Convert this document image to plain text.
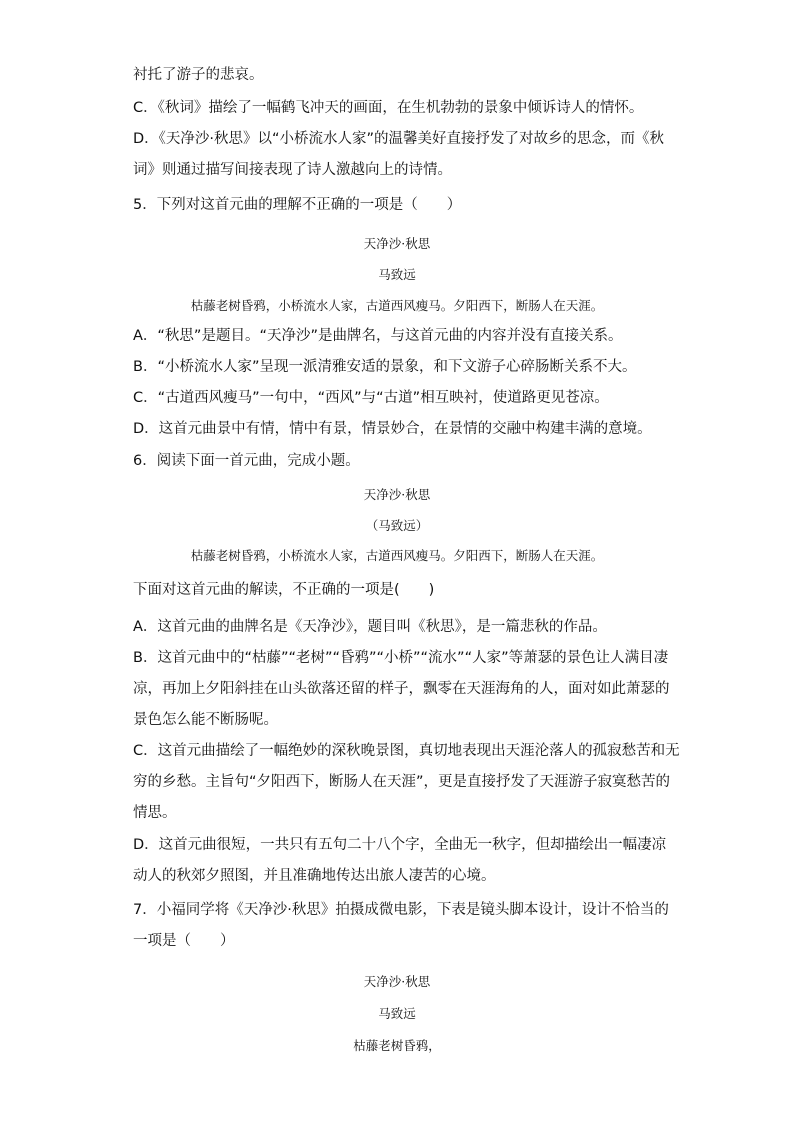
衬托了游子的悲哀。
C．《秋词》描绘了一幅鹤飞冲天的画面，在生机勃勃的景象中倾诉诗人的情怀。
D．《天净沙·秋思》以“小桥流水人家”的温馨美好直接抒发了对故乡的思念，而《秋
词》则通过描写间接表现了诗人激越向上的诗情。
5．下列对这首元曲的理解不正确的一项是（　　）
天净沙·秋思
马致远
枯藤老树昏鸦，小桥流水人家，古道西风瘦马。夕阳西下，断肠人在天涯。
A．“秋思”是题目。“天净沙”是曲牌名，与这首元曲的内容并没有直接关系。
B．“小桥流水人家”呈现一派清雅安适的景象，和下文游子心碎肠断关系不大。
C．“古道西风瘦马”一句中，“西风”与“古道”相互映衬，使道路更见苍凉。
D．这首元曲景中有情，情中有景，情景妙合，在景情的交融中构建丰满的意境。
6．阅读下面一首元曲，完成小题。
天净沙·秋思
（马致远）
枯藤老树昏鸦，小桥流水人家，古道西风瘦马。夕阳西下，断肠人在天涯。
下面对这首元曲的解读，不正确的一项是(　　)
A．这首元曲的曲牌名是《天净沙》，题目叫《秋思》，是一篇悲秋的作品。
B．这首元曲中的“枯藤”“老树”“昏鸦”“小桥”“流水”“人家”等萧瑟的景色让人满目凄
凉，再加上夕阳斜挂在山头欲落还留的样子，飘零在天涯海角的人，面对如此萧瑟的
景色怎么能不断肠呢。
C．这首元曲描绘了一幅绝妙的深秋晚景图，真切地表现出天涯沦落人的孤寂愁苦和无
穷的乡愁。主旨句“夕阳西下，断肠人在天涯”，更是直接抒发了天涯游子寂寞愁苦的
情思。
D．这首元曲很短，一共只有五句二十八个字，全曲无一秋字，但却描绘出一幅凄凉
动人的秋郊夕照图，并且准确地传达出旅人凄苦的心境。
7．小福同学将《天净沙·秋思》拍摄成微电影，下表是镜头脚本设计，设计不恰当的
一项是（　　）
天净沙·秋思
马致远
枯藤老树昏鸦，
